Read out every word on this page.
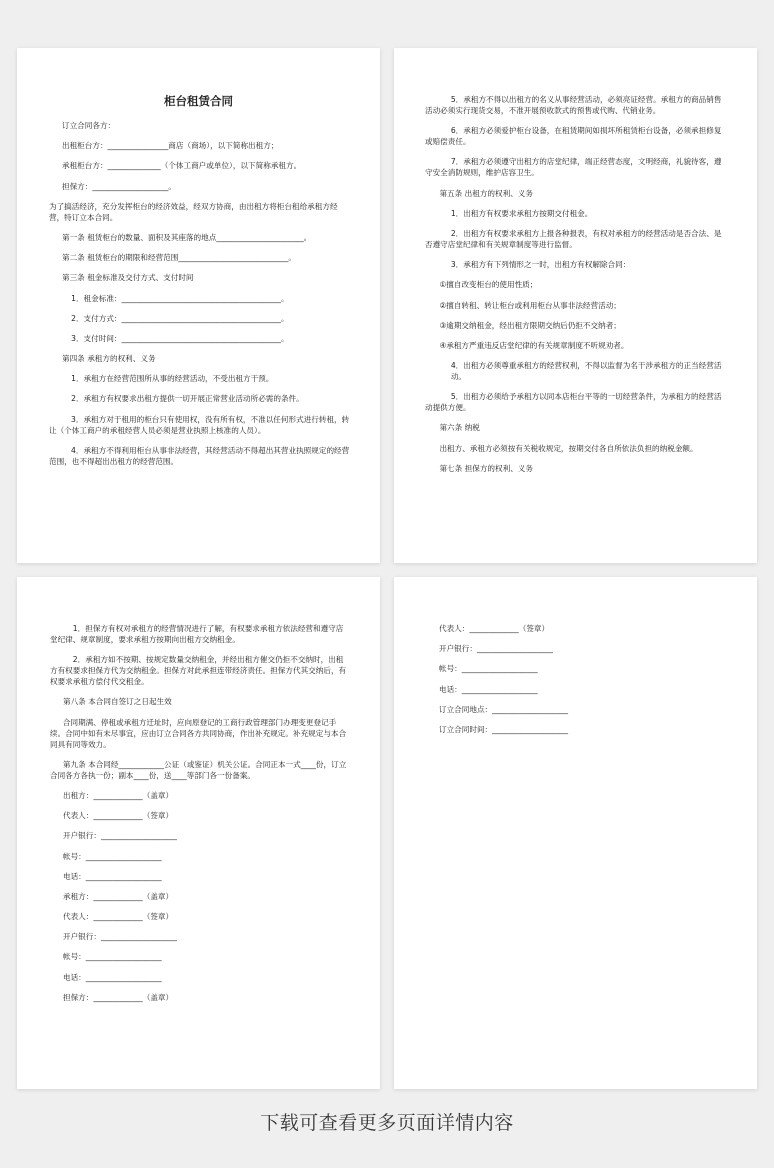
柜台租赁合同
订立合同各方：
出租柜台方：________________商店（商场），以下简称出租方；
承租柜台方：______________（个体工商户或单位），以下简称承租方。
担保方：____________________。
为了搞活经济，充分发挥柜台的经济效益，经双方协商，由出租方将柜台租给承租方经营，特订立本合同。
第一条 租赁柜台的数量、面积及其座落的地点_______________________。
第二条 租赁柜台的期限和经营范围_____________________________。
第三条 租金标准及交付方式、支付时间
1．租金标准：__________________________________________。
2．支付方式：__________________________________________。
3．支付时间：__________________________________________。
第四条 承租方的权利、义务
1．承租方在经营范围所从事的经营活动，不受出租方干预。
2．承租方有权要求出租方提供一切开展正常营业活动所必需的条件。
3．承租方对于租用的柜台只有使用权，没有所有权，不准以任何形式进行转租，转让（个体工商户的承租经营人员必须是营业执照上核准的人员）。
4．承租方不得利用柜台从事非法经营，其经营活动不得超出其营业执照规定的经营范围，也不得超出出租方的经营范围。
5．承租方不得以出租方的名义从事经营活动，必须亮证经营。承租方的商品销售活动必须实行现货交易，不准开展预收款式的预售或代购、代销业务。
6．承租方必须爱护柜台设备，在租赁期间如损坏所租赁柜台设备，必须承担修复或赔偿责任。
7．承租方必须遵守出租方的店堂纪律，端正经营态度，文明经商，礼貌待客，遵守安全消防规则，维护店容卫生。
第五条 出租方的权利、义务
1．出租方有权要求承租方按期交付租金。
2．出租方有权要求承租方上报各种报表，有权对承租方的经营活动是否合法、是否遵守店堂纪律和有关规章制度等进行监督。
3．承租方有下列情形之一时，出租方有权解除合同：
①擅自改变柜台的使用性质；
②擅自转租、转让柜台或利用柜台从事非法经营活动；
③逾期交纳租金，经出租方限期交纳后仍拒不交纳者；
④承租方严重违反店堂纪律的有关规章制度不听规劝者。
4．出租方必须尊重承租方的经营权利，不得以监督为名干涉承租方的正当经营活动。
5．出租方必须给予承租方以同本店柜台平等的一切经营条件，为承租方的经营活动提供方便。
第六条 纳税
出租方、承租方必须按有关税收规定，按期交付各自所依法负担的纳税金额。
第七条 担保方的权利、义务
1．担保方有权对承租方的经营情况进行了解，有权要求承租方依法经营和遵守店堂纪律、规章制度，要求承租方按期向出租方交纳租金。
2．承租方如不按期、按规定数量交纳租金，并经出租方催交仍拒不交纳时，出租方有权要求担保方代为交纳租金。担保方对此承担连带经济责任。担保方代其交纳后，有权要求承租方偿付代交租金。
第八条 本合同自签订之日起生效
合同期满、停租或承租方迁址时，应向原登记的工商行政管理部门办理变更登记手续。合同中如有未尽事宜，应由订立合同各方共同协商，作出补充规定。补充规定与本合同具有同等效力。
第九条 本合同经____________公证（或鉴证）机关公证。合同正本一式____份，订立合同各方各执一份；副本____份，送____等部门各一份备案。
出租方：_____________（盖章）
代表人：_____________（签章）
开户银行：____________________
帐号：____________________
电话：____________________
承租方：_____________（盖章）
代表人：_____________（签章）
开户银行：____________________
帐号：____________________
电话：____________________
担保方：_____________（盖章）
代表人：_____________（签章）
开户银行：____________________
帐号：____________________
电话：____________________
订立合同地点：____________________
订立合同时间：____________________
下载可查看更多页面详情内容
